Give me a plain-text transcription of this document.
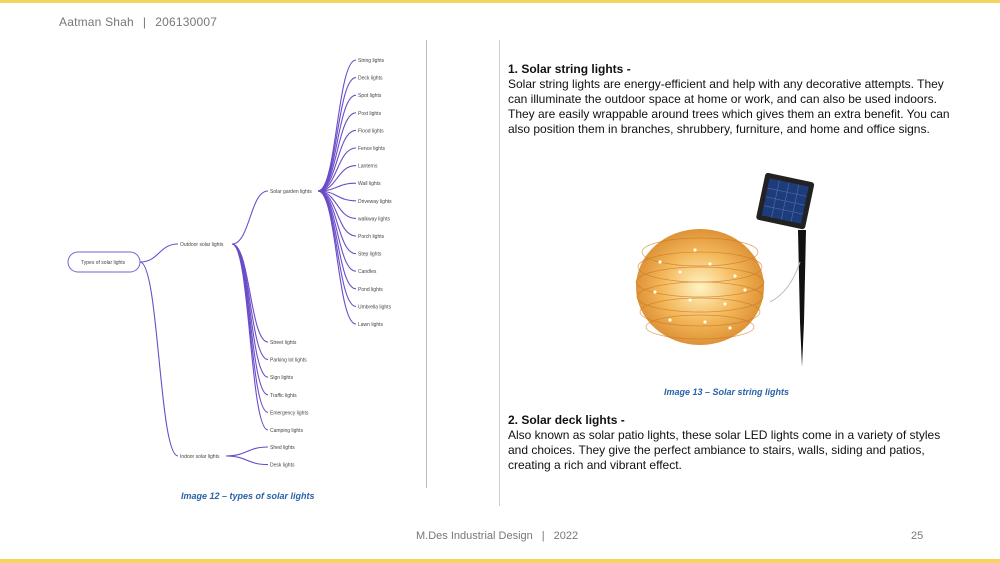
Aatman Shah | 206130007
Types of solar lights
Outdoor solar lights
Indoor solar lights
Solar garden lights
String lights
Deck lights
Spot lights
Post lights
Flood lights
Fence lights
Lanterns
Wall lights
Driveway lights
walkway lights
Porch lights
Step lights
Candles
Pond lights
Umbrella lights
Lawn lights
Street lights
Parking lot lights
Sign lights
Traffic lights
Emergency lights
Camping lights
Shed lights
Desk lights
Image 12 – types of solar lights
1. Solar string lights -
Solar string lights are energy-efficient and help with any decorative attempts. They can illuminate the outdoor space at home or work, and can also be used indoors. They are easily wrappable around trees which gives them an extra benefit. You can also position them in branches, shrubbery, furniture, and home and office signs.
Image 13 – Solar string lights
2. Solar deck lights -
Also known as solar patio lights, these solar LED lights come in a variety of styles and choices. They give the perfect ambiance to stairs, walls, siding and patios, creating a rich and vibrant effect.
M.Des Industrial Design | 2022	25
